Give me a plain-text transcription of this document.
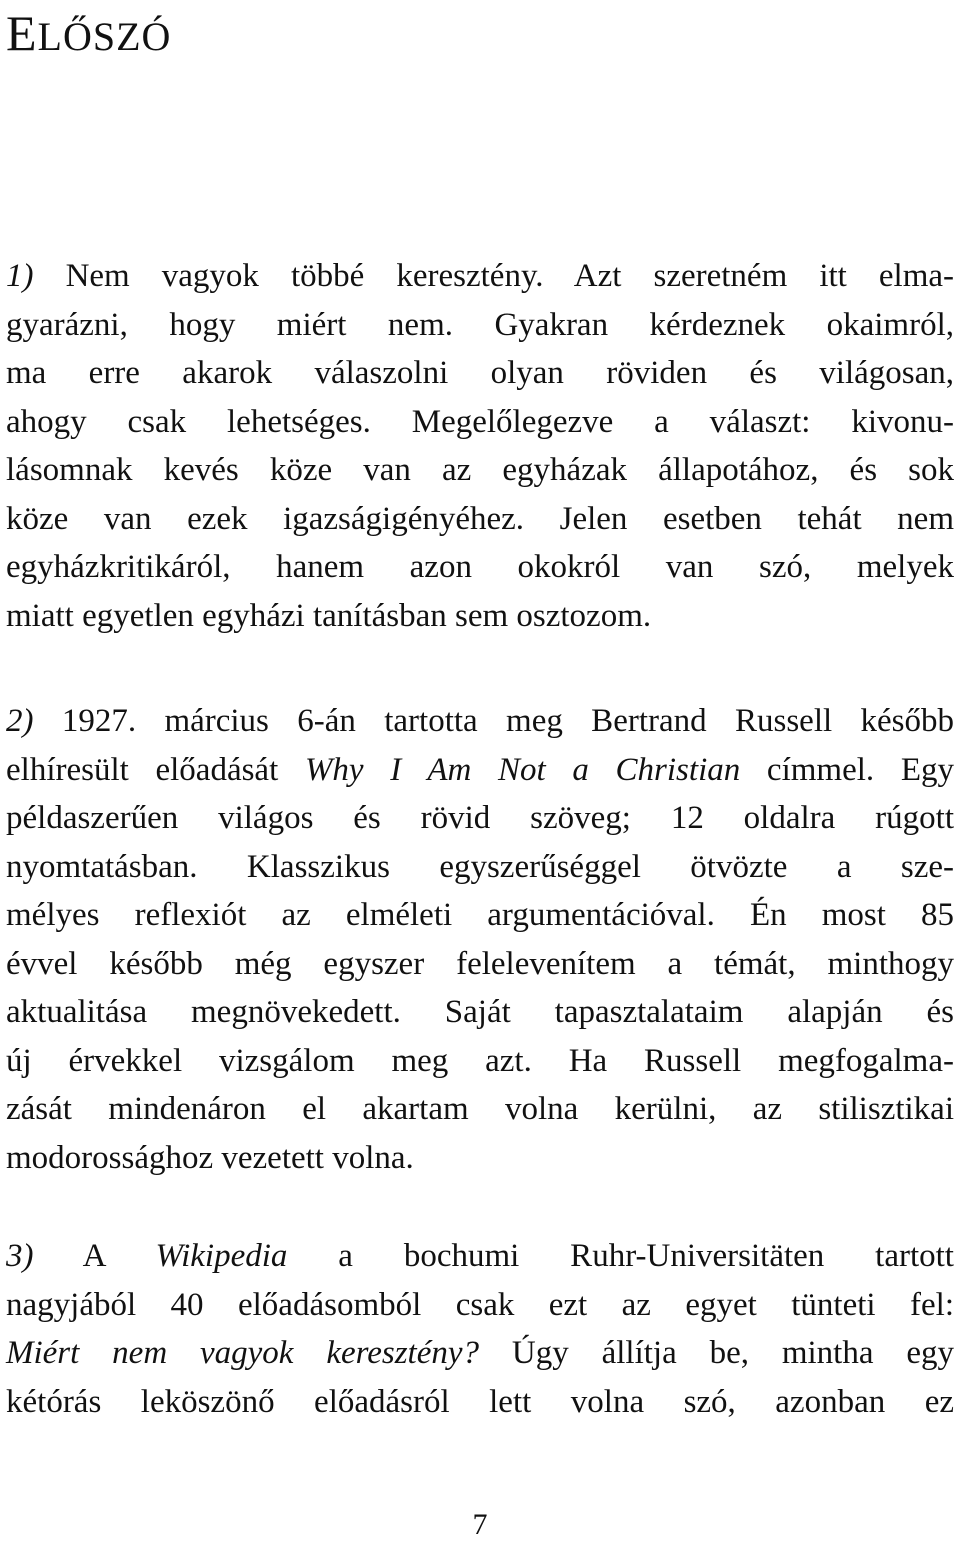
ELŐSZÓ
1) Nem vagyok többé keresztény. Azt szeretném itt elma-
gyarázni, hogy miért nem. Gyakran kérdeznek okaimról,
ma erre akarok válaszolni olyan röviden és világosan,
ahogy csak lehetséges. Megelőlegezve a választ: kivonu-
lásomnak kevés köze van az egyházak állapotához, és sok
köze van ezek igazságigényéhez. Jelen esetben tehát nem
egyházkritikáról, hanem azon okokról van szó, melyek
miatt egyetlen egyházi tanításban sem osztozom.
2) 1927. március 6-án tartotta meg Bertrand Russell később
elhíresült előadását Why I Am Not a Christian címmel. Egy
példaszerűen világos és rövid szöveg; 12 oldalra rúgott
nyomtatásban. Klasszikus egyszerűséggel ötvözte a sze-
mélyes reflexiót az elméleti argumentációval. Én most 85
évvel később még egyszer felelevenítem a témát, minthogy
aktualitása megnövekedett. Saját tapasztalataim alapján és
új érvekkel vizsgálom meg azt. Ha Russell megfogalma-
zását mindenáron el akartam volna kerülni, az stilisztikai
modorossághoz vezetett volna.
3) A Wikipedia a bochumi Ruhr-Universitäten tartott
nagyjából 40 előadásomból csak ezt az egyet tünteti fel:
Miért nem vagyok keresztény? Úgy állítja be, mintha egy
kétórás leköszönő előadásról lett volna szó, azonban ez
7
